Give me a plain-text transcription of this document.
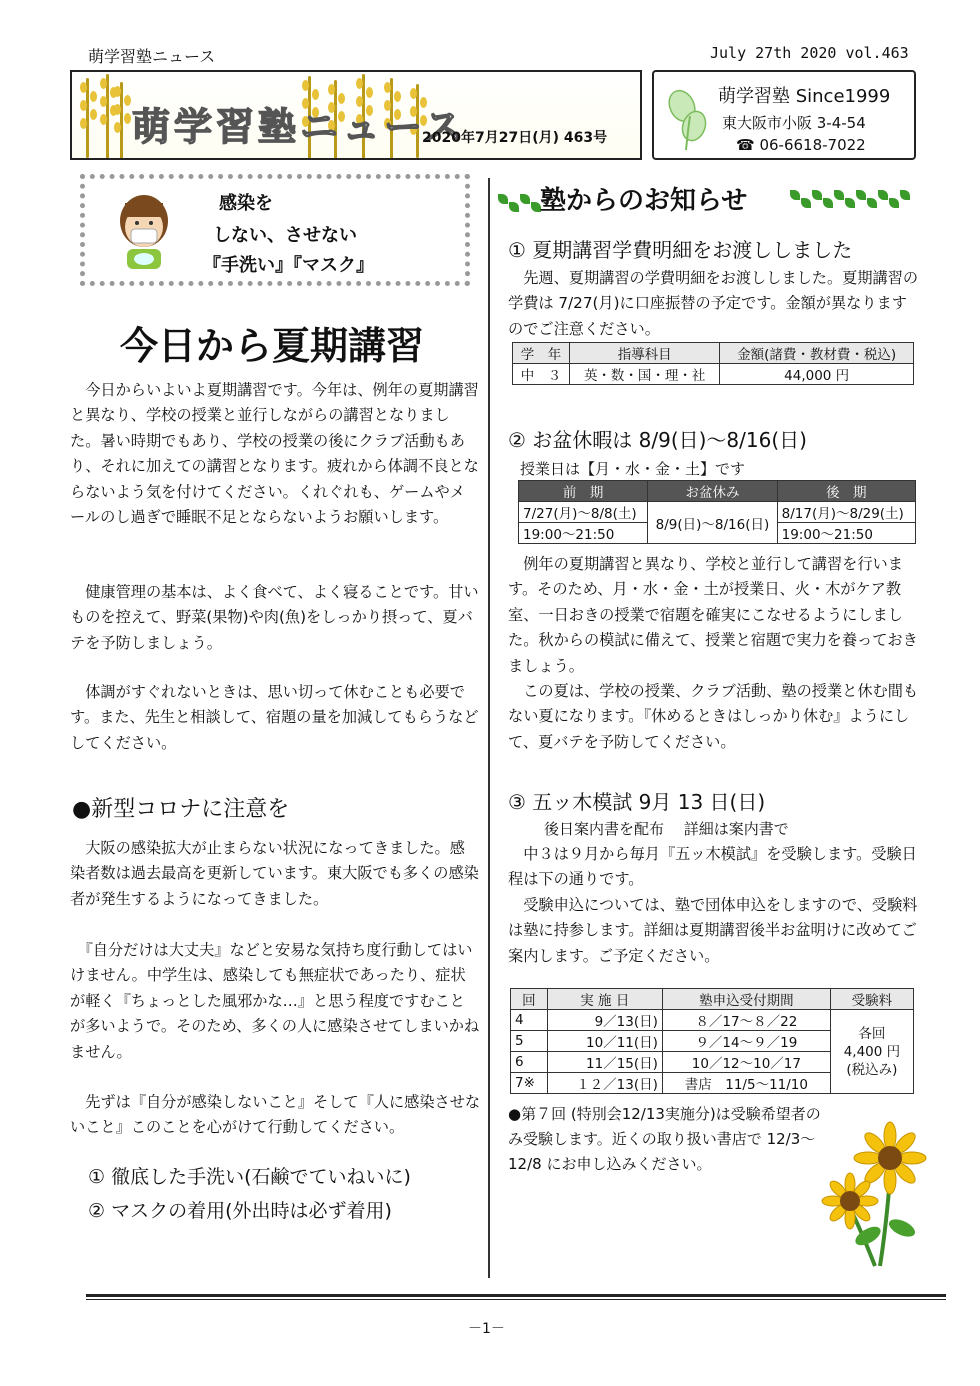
萌学習塾ニュース	July 27th 2020 vol.463
萌学習塾ニュース
2020年7月27日(月) 463号
萌学習塾 Since1999
東大阪市小阪 3-4-54
☎ 06-6618-7022
感染を
しない、させない
『手洗い』『マスク』
今日から夏期講習
　今日からいよいよ夏期講習です。今年は、例年の夏期講習と異なり、学校の授業と並行しながらの講習となりました。暑い時期でもあり、学校の授業の後にクラブ活動もあり、それに加えての講習となります。疲れから体調不良とならないよう気を付けてください。くれぐれも、ゲームやメールのし過ぎで睡眠不足とならないようお願いします。
　健康管理の基本は、よく食べて、よく寝ることです。甘いものを控えて、野菜(果物)や肉(魚)をしっかり摂って、夏バテを予防しましょう。
　体調がすぐれないときは、思い切って休むことも必要です。また、先生と相談して、宿題の量を加減してもらうなどしてください。
●新型コロナに注意を
　大阪の感染拡大が止まらない状況になってきました。感染者数は過去最高を更新しています。東大阪でも多くの感染者が発生するようになってきました。
　『自分だけは大丈夫』などと安易な気持ち度行動してはいけません。中学生は、感染しても無症状であったり、症状が軽く『ちょっとした風邪かな…』と思う程度ですむことが多いようで。そのため、多くの人に感染させてしまいかねません。
　先ずは『自分が感染しないこと』そして『人に感染させないこと』このことを心がけて行動してください。
① 徹底した手洗い(石鹸でていねいに)
② マスクの着用(外出時は必ず着用)
塾からのお知らせ
① 夏期講習学費明細をお渡ししました
　先週、夏期講習の学費明細をお渡ししました。夏期講習の学費は 7/27(月)に口座振替の予定です。金額が異なりますのでご注意ください。
学　年	指導科目	金額(諸費・教材費・税込)
中　３	英・数・国・理・社	44,000 円
② お盆休暇は 8/9(日)～8/16(日)
授業日は【月・水・金・土】です
前　期	お盆休み	後　期
7/27(月)～8/8(土)	8/9(日)～8/16(日)	8/17(月)～8/29(土)
19:00～21:50		19:00～21:50
　例年の夏期講習と異なり、学校と並行して講習を行います。そのため、月・水・金・土が授業日、火・木がケア教室、一日おきの授業で宿題を確実にこなせるようにしました。秋からの模試に備えて、授業と宿題で実力を養っておきましょう。
　この夏は、学校の授業、クラブ活動、塾の授業と休む間もない夏になります。『休めるときはしっかり休む』ようにして、夏バテを予防してください。
③ 五ッ木模試 9月 13 日(日)
後日案内書を配布　 詳細は案内書で
　中３は９月から毎月『五ッ木模試』を受験します。受験日程は下の通りです。
　受験申込については、塾で団体申込をしますので、受験料は塾に持参します。詳細は夏期講習後半お盆明けに改めてご案内します。ご予定ください。
回	実 施 日	塾申込受付期間	受験料
4	9／13(日)	８／17～８／22	各回
4,400 円
(税込み)
5	10／11(日)	９／14～９／19	
6	11／15(日)	10／12～10／17	
7※	１２／13(日)	書店　11/5～11/10	
●第７回 (特別会12/13実施分)は受験希望者のみ受験します。近くの取り扱い書店で 12/3～12/8 にお申し込みください。
－1－
